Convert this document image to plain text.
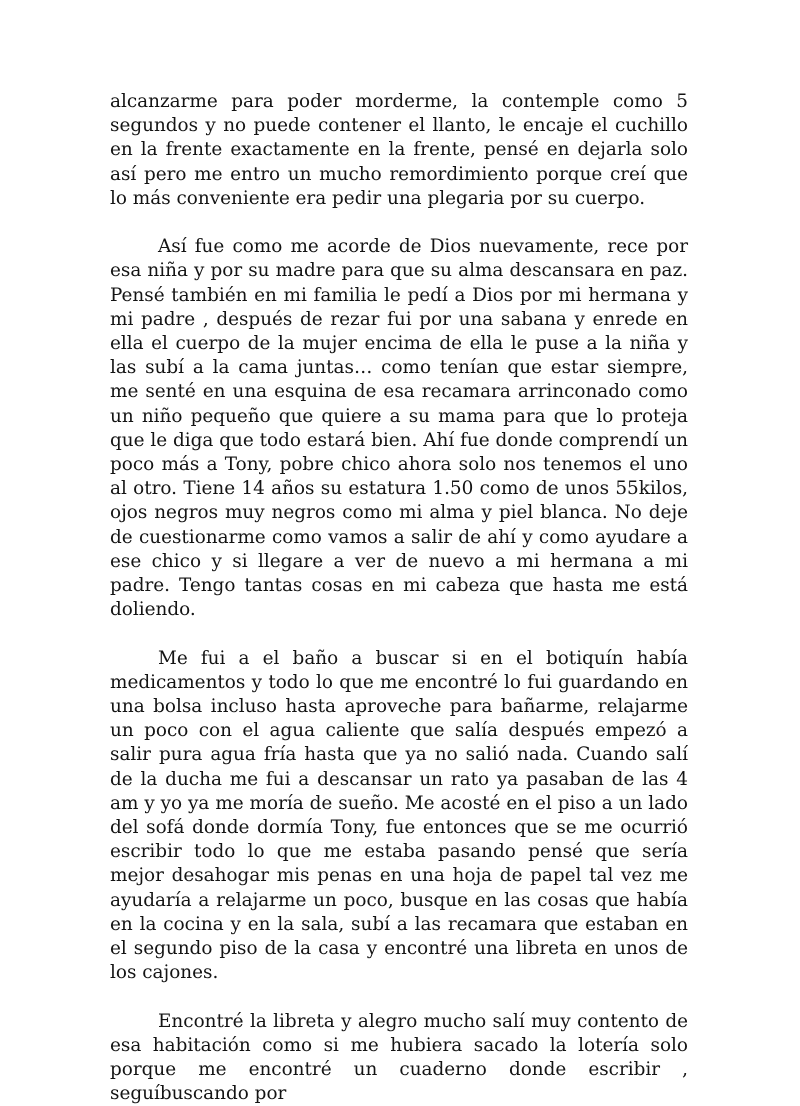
alcanzarme para poder morderme, la contemple como 5 segundos y no puede contener el llanto, le encaje el cuchillo en la frente exactamente en la frente, pensé en dejarla solo así pero me entro un mucho remordimiento porque creí que lo más conveniente era pedir una plegaria por su cuerpo.

Así fue como me acorde de Dios nuevamente, rece por esa niña y por su madre para que su alma descansara en paz. Pensé también en mi familia le pedí a Dios por mi hermana y mi padre , después de rezar fui por una sabana y enrede en ella el cuerpo de la mujer encima de ella le puse a la niña y las subí a la cama juntas… como tenían que estar siempre, me senté en una esquina de esa recamara arrinconado como un niño pequeño que quiere a su mama para que lo proteja que le diga que todo estará bien. Ahí fue donde comprendí un poco más a Tony, pobre chico ahora solo nos tenemos el uno al otro. Tiene 14 años su estatura 1.50 como de unos 55kilos, ojos negros muy negros como mi alma y piel blanca. No deje de cuestionarme como vamos a salir de ahí y como ayudare a ese chico y si llegare a ver de nuevo a mi hermana a mi padre. Tengo tantas cosas en mi cabeza que hasta me está doliendo.

Me fui a el baño a buscar si en el botiquín había medicamentos y todo lo que me encontré lo fui guardando en una bolsa incluso hasta aproveche para bañarme, relajarme un poco con el agua caliente que salía después empezó a salir pura agua fría hasta que ya no salió nada. Cuando salí de la ducha me fui a descansar un rato ya pasaban de las 4 am y yo ya me moría de sueño. Me acosté en el piso a un lado del sofá donde dormía Tony, fue entonces que se me ocurrió escribir todo lo que me estaba pasando pensé que sería mejor desahogar mis penas en una hoja de papel tal vez me ayudaría a relajarme un poco, busque en las cosas que había en la cocina y en la sala, subí a las recamara que estaban en el segundo piso de la casa y encontré una libreta en unos de los cajones.

Encontré la libreta y alegro mucho salí muy contento de esa habitación como si me hubiera sacado la lotería solo porque me encontré un cuaderno donde escribir , seguíbuscando por
